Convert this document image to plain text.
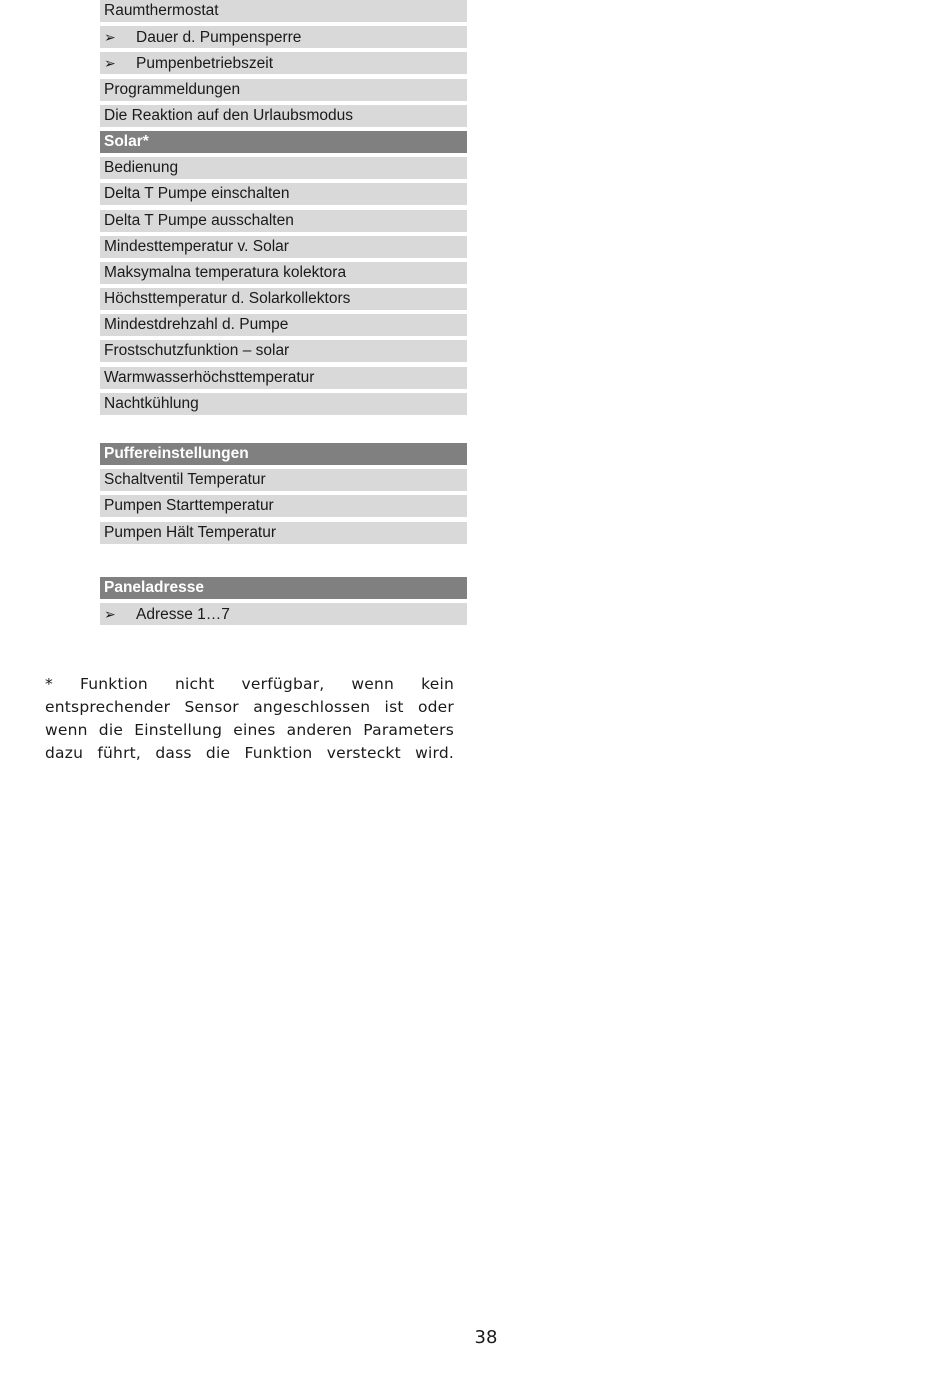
Raumthermostat
➢ Dauer d. Pumpensperre
➢ Pumpenbetriebszeit
Programmeldungen
Die Reaktion auf den Urlaubsmodus
Solar*
Bedienung
Delta T Pumpe einschalten
Delta T Pumpe ausschalten
Mindesttemperatur v. Solar
Maksymalna temperatura kolektora
Höchsttemperatur d. Solarkollektors
Mindestdrehzahl d. Pumpe
Frostschutzfunktion – solar
Warmwasserhöchsttemperatur
Nachtkühlung
Puffereinstellungen
Schaltventil Temperatur
Pumpen Starttemperatur
Pumpen Hält Temperatur
Paneladresse
➢ Adresse 1…7

* Funktion nicht verfügbar, wenn kein entsprechender Sensor angeschlossen ist oder wenn die Einstellung eines anderen Parameters dazu führt, dass die Funktion versteckt wird.

38
